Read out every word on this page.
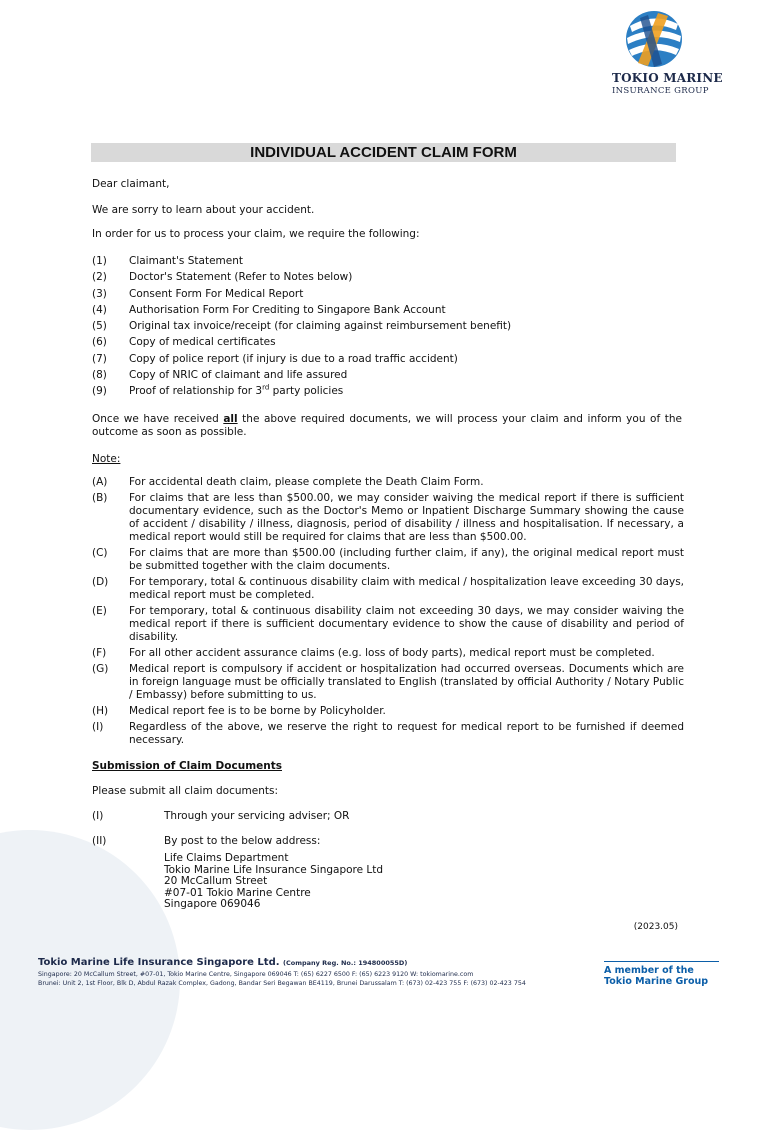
TOKIO MARINE
INSURANCE GROUP
INDIVIDUAL ACCIDENT CLAIM FORM
Dear claimant,
We are sorry to learn about your accident.
In order for us to process your claim, we require the following:
(1)	Claimant's Statement
(2)	Doctor's Statement (Refer to Notes below)
(3)	Consent Form For Medical Report
(4)	Authorisation Form For Crediting to Singapore Bank Account
(5)	Original tax invoice/receipt (for claiming against reimbursement benefit)
(6)	Copy of medical certificates
(7)	Copy of police report (if injury is due to a road traffic accident)
(8)	Copy of NRIC of claimant and life assured
(9)	Proof of relationship for 3rd party policies
Once we have received all the above required documents, we will process your claim and inform you of the outcome as soon as possible.
Note:
(A)	For accidental death claim, please complete the Death Claim Form.
(B)	For claims that are less than $500.00, we may consider waiving the medical report if there is sufficient documentary evidence, such as the Doctor's Memo or Inpatient Discharge Summary showing the cause of accident / disability / illness, diagnosis, period of disability / illness and hospitalisation. If necessary, a medical report would still be required for claims that are less than $500.00.
(C)	For claims that are more than $500.00 (including further claim, if any), the original medical report must be submitted together with the claim documents.
(D)	For temporary, total & continuous disability claim with medical / hospitalization leave exceeding 30 days, medical report must be completed.
(E)	For temporary, total & continuous disability claim not exceeding 30 days, we may consider waiving the medical report if there is sufficient documentary evidence to show the cause of disability and period of disability.
(F)	For all other accident assurance claims (e.g. loss of body parts), medical report must be completed.
(G)	Medical report is compulsory if accident or hospitalization had occurred overseas. Documents which are in foreign language must be officially translated to English (translated by official Authority / Notary Public / Embassy) before submitting to us.
(H)	Medical report fee is to be borne by Policyholder.
(I)	Regardless of the above, we reserve the right to request for medical report to be furnished if deemed necessary.
Submission of Claim Documents
Please submit all claim documents:
(I)	Through your servicing adviser; OR
(II)	By post to the below address:
Life Claims Department
Tokio Marine Life Insurance Singapore Ltd
20 McCallum Street
#07-01 Tokio Marine Centre
Singapore 069046
(2023.05)
Tokio Marine Life Insurance Singapore Ltd. (Company Reg. No.: 194800055D)
Singapore: 20 McCallum Street, #07-01, Tokio Marine Centre, Singapore 069046 T: (65) 6227 6500 F: (65) 6223 9120 W: tokiomarine.com
Brunei: Unit 2, 1st Floor, Blk D, Abdul Razak Complex, Gadong, Bandar Seri Begawan BE4119, Brunei Darussalam T: (673) 02-423 755 F: (673) 02-423 754
A member of the
Tokio Marine Group
